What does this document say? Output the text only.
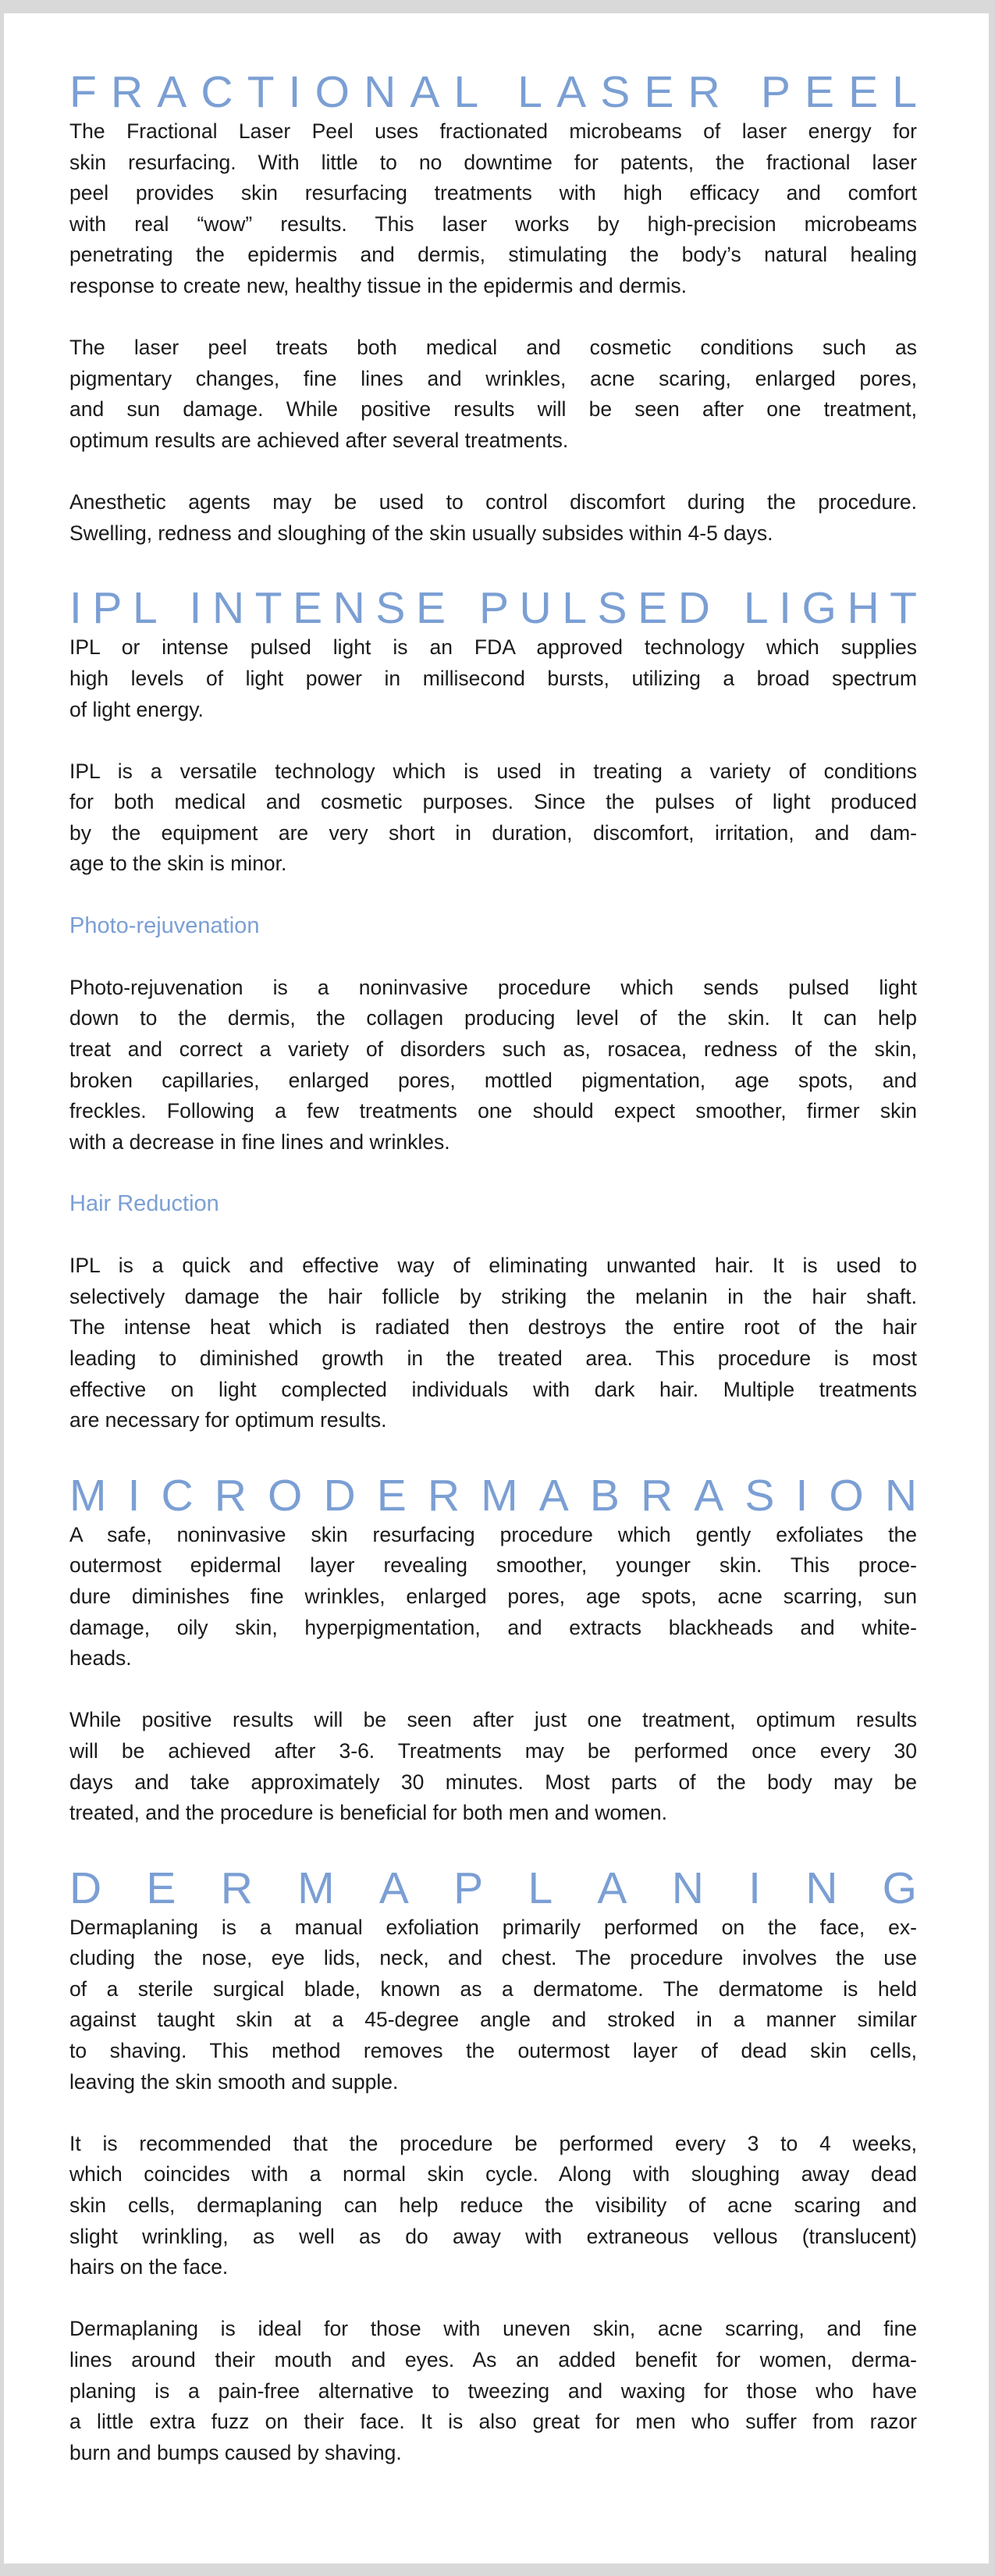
FRACTIONAL LASER PEEL
The Fractional Laser Peel uses fractionated microbeams of laser energy for
skin resurfacing. With little to no downtime for patents, the fractional laser
peel provides skin resurfacing treatments with high efficacy and comfort
with real “wow” results. This laser works by high-precision microbeams
penetrating the epidermis and dermis, stimulating the body’s natural healing
response to create new, healthy tissue in the epidermis and dermis.
The laser peel treats both medical and cosmetic conditions such as
pigmentary changes, fine lines and wrinkles, acne scaring, enlarged pores,
and sun damage. While positive results will be seen after one treatment,
optimum results are achieved after several treatments.
Anesthetic agents may be used to control discomfort during the procedure.
Swelling, redness and sloughing of the skin usually subsides within 4-5 days.
IPL INTENSE PULSED LIGHT
IPL or intense pulsed light is an FDA approved technology which supplies
high levels of light power in millisecond bursts, utilizing a broad spectrum
of light energy.
IPL is a versatile technology which is used in treating a variety of conditions
for both medical and cosmetic purposes. Since the pulses of light produced
by the equipment are very short in duration, discomfort, irritation, and dam-
age to the skin is minor.
Photo-rejuvenation
Photo-rejuvenation is a noninvasive procedure which sends pulsed light
down to the dermis, the collagen producing level of the skin. It can help
treat and correct a variety of disorders such as, rosacea, redness of the skin,
broken capillaries, enlarged pores, mottled pigmentation, age spots, and
freckles. Following a few treatments one should expect smoother, firmer skin
with a decrease in fine lines and wrinkles.
Hair Reduction
IPL is a quick and effective way of eliminating unwanted hair. It is used to
selectively damage the hair follicle by striking the melanin in the hair shaft.
The intense heat which is radiated then destroys the entire root of the hair
leading to diminished growth in the treated area. This procedure is most
effective on light complected individuals with dark hair. Multiple treatments
are necessary for optimum results.
MICRODERMABRASION
A safe, noninvasive skin resurfacing procedure which gently exfoliates the
outermost epidermal layer revealing smoother, younger skin. This proce-
dure diminishes fine wrinkles, enlarged pores, age spots, acne scarring, sun
damage, oily skin, hyperpigmentation, and extracts blackheads and white-
heads.
While positive results will be seen after just one treatment, optimum results
will be achieved after 3-6. Treatments may be performed once every 30
days and take approximately 30 minutes. Most parts of the body may be
treated, and the procedure is beneficial for both men and women.
DERMAPLANING
Dermaplaning is a manual exfoliation primarily performed on the face, ex-
cluding the nose, eye lids, neck, and chest. The procedure involves the use
of a sterile surgical blade, known as a dermatome. The dermatome is held
against taught skin at a 45-degree angle and stroked in a manner similar
to shaving. This method removes the outermost layer of dead skin cells,
leaving the skin smooth and supple.
It is recommended that the procedure be performed every 3 to 4 weeks,
which coincides with a normal skin cycle. Along with sloughing away dead
skin cells, dermaplaning can help reduce the visibility of acne scaring and
slight wrinkling, as well as do away with extraneous vellous (translucent)
hairs on the face.
Dermaplaning is ideal for those with uneven skin, acne scarring, and fine
lines around their mouth and eyes. As an added benefit for women, derma-
planing is a pain-free alternative to tweezing and waxing for those who have
a little extra fuzz on their face. It is also great for men who suffer from razor
burn and bumps caused by shaving.
